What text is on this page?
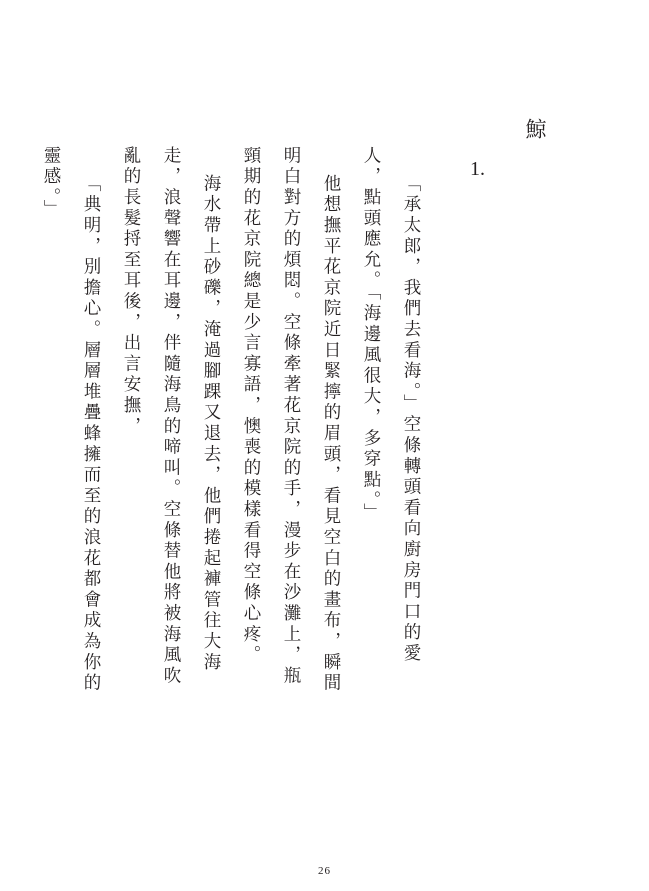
鯨
1.

「承太郎，我們去看海。」空條轉頭看向廚房門口的愛人，點頭應允。「海邊風很大，多穿點。」

他想撫平花京院近日緊擰的眉頭，看見空白的畫布，瞬間明白對方的煩悶。空條牽著花京院的手，漫步在沙灘上，瓶頸期的花京院總是少言寡語，懊喪的模樣看得空條心疼。

海水帶上砂礫，淹過腳踝又退去，他們捲起褲管往大海走，浪聲響在耳邊，伴隨海鳥的啼叫。空條替他將被海風吹亂的長髮捋至耳後，出言安撫，

「典明，別擔心。層層堆疊蜂擁而至的浪花都會成為你的靈感。」

26
